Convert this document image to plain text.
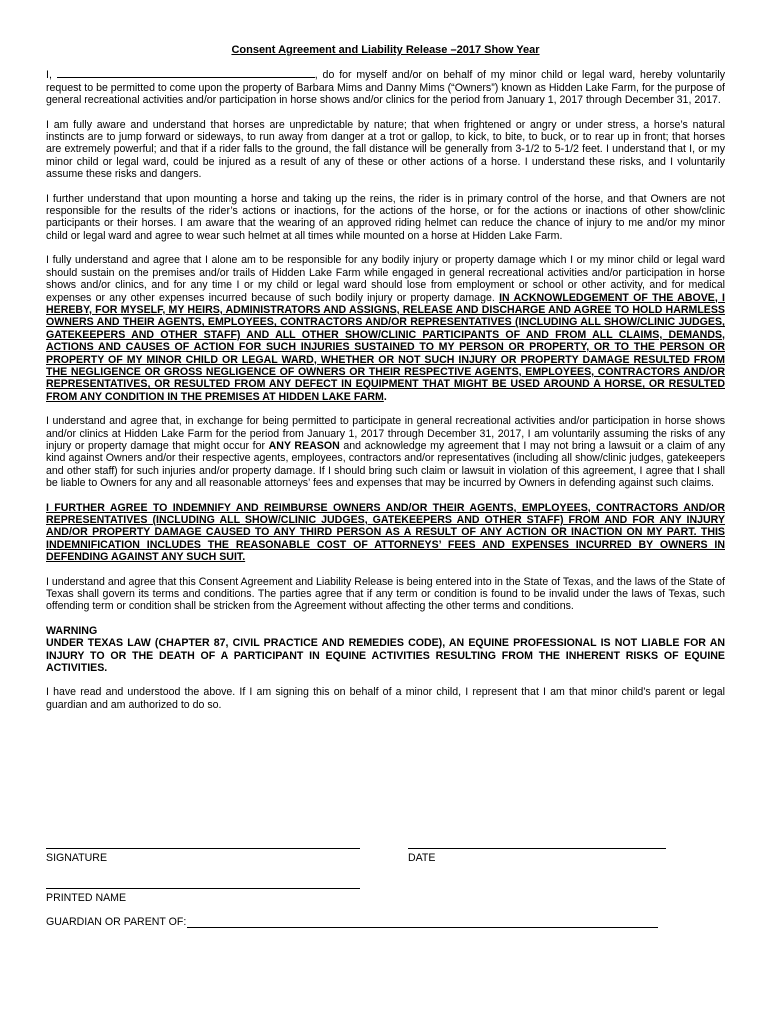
Consent Agreement and Liability Release –2017 Show Year

I,	, do for myself and/or on behalf of my minor child or legal ward, hereby voluntarily request to be permitted to come upon the property of Barbara Mims and Danny Mims (“Owners”) known as Hidden Lake Farm, for the purpose of general recreational activities and/or participation in horse shows and/or clinics for the period from January 1, 2017 through December 31, 2017.

I am fully aware and understand that horses are unpredictable by nature; that when frightened or angry or under stress, a horse’s natural instincts are to jump forward or sideways, to run away from danger at a trot or gallop, to kick, to bite, to buck, or to rear up in front; that horses are extremely powerful; and that if a rider falls to the ground, the fall distance will be generally from 3-1/2 to 5-1/2 feet. I understand that I, or my minor child or legal ward, could be injured as a result of any of these or other actions of a horse. I understand these risks, and I voluntarily assume these risks and dangers.

I further understand that upon mounting a horse and taking up the reins, the rider is in primary control of the horse, and that Owners are not responsible for the results of the rider’s actions or inactions, for the actions of the horse, or for the actions or inactions of other show/clinic participants or their horses. I am aware that the wearing of an approved riding helmet can reduce the chance of injury to me and/or my minor child or legal ward and agree to wear such helmet at all times while mounted on a horse at Hidden Lake Farm.

I fully understand and agree that I alone am to be responsible for any bodily injury or property damage which I or my minor child or legal ward should sustain on the premises and/or trails of Hidden Lake Farm while engaged in general recreational activities and/or participation in horse shows and/or clinics, and for any time I or my child or legal ward should lose from employment or school or other activity, and for medical expenses or any other expenses incurred because of such bodily injury or property damage. IN ACKNOWLEDGEMENT OF THE ABOVE, I HEREBY, FOR MYSELF, MY HEIRS, ADMINISTRATORS AND ASSIGNS, RELEASE AND DISCHARGE AND AGREE TO HOLD HARMLESS OWNERS AND THEIR AGENTS, EMPLOYEES, CONTRACTORS AND/OR REPRESENTATIVES (INCLUDING ALL SHOW/CLINIC JUDGES, GATEKEEPERS AND OTHER STAFF) AND ALL OTHER SHOW/CLINIC PARTICIPANTS OF AND FROM ALL CLAIMS, DEMANDS, ACTIONS AND CAUSES OF ACTION FOR SUCH INJURIES SUSTAINED TO MY PERSON OR PROPERTY, OR TO THE PERSON OR PROPERTY OF MY MINOR CHILD OR LEGAL WARD, WHETHER OR NOT SUCH INJURY OR PROPERTY DAMAGE RESULTED FROM THE NEGLIGENCE OR GROSS NEGLIGENCE OF OWNERS OR THEIR RESPECTIVE AGENTS, EMPLOYEES, CONTRACTORS AND/OR REPRESENTATIVES, OR RESULTED FROM ANY DEFECT IN EQUIPMENT THAT MIGHT BE USED AROUND A HORSE, OR RESULTED FROM ANY CONDITION IN THE PREMISES AT HIDDEN LAKE FARM.

I understand and agree that, in exchange for being permitted to participate in general recreational activities and/or participation in horse shows and/or clinics at Hidden Lake Farm for the period from January 1, 2017 through December 31, 2017, I am voluntarily assuming the risks of any injury or property damage that might occur for ANY REASON and acknowledge my agreement that I may not bring a lawsuit or a claim of any kind against Owners and/or their respective agents, employees, contractors and/or representatives (including all show/clinic judges, gatekeepers and other staff) for such injuries and/or property damage. If I should bring such claim or lawsuit in violation of this agreement, I agree that I shall be liable to Owners for any and all reasonable attorneys’ fees and expenses that may be incurred by Owners in defending against such claims.

I FURTHER AGREE TO INDEMNIFY AND REIMBURSE OWNERS AND/OR THEIR AGENTS, EMPLOYEES, CONTRACTORS AND/OR REPRESENTATIVES (INCLUDING ALL SHOW/CLINIC JUDGES, GATEKEEPERS AND OTHER STAFF) FROM AND FOR ANY INJURY AND/OR PROPERTY DAMAGE CAUSED TO ANY THIRD PERSON AS A RESULT OF ANY ACTION OR INACTION ON MY PART. THIS INDEMNIFICATION INCLUDES THE REASONABLE COST OF ATTORNEYS’ FEES AND EXPENSES INCURRED BY OWNERS IN DEFENDING AGAINST ANY SUCH SUIT.

I understand and agree that this Consent Agreement and Liability Release is being entered into in the State of Texas, and the laws of the State of Texas shall govern its terms and conditions. The parties agree that if any term or condition is found to be invalid under the laws of Texas, such offending term or condition shall be stricken from the Agreement without affecting the other terms and conditions.

WARNING
UNDER TEXAS LAW (CHAPTER 87, CIVIL PRACTICE AND REMEDIES CODE), AN EQUINE PROFESSIONAL IS NOT LIABLE FOR AN INJURY TO OR THE DEATH OF A PARTICIPANT IN EQUINE ACTIVITIES RESULTING FROM THE INHERENT RISKS OF EQUINE ACTIVITIES.

I have read and understood the above. If I am signing this on behalf of a minor child, I represent that I am that minor child’s parent or legal guardian and am authorized to do so.

SIGNATURE	DATE
PRINTED NAME
GUARDIAN OR PARENT OF:
